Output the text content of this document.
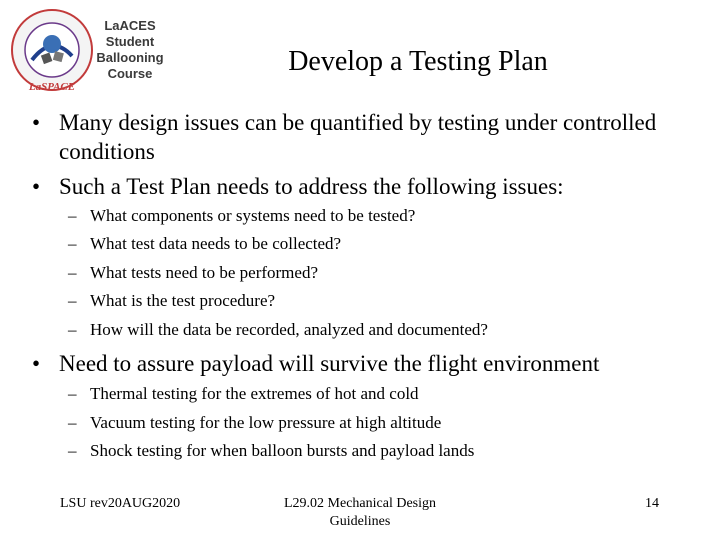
LaSPACE
LaACES
Student
Ballooning
Course	Develop a Testing Plan
• Many design issues can be quantified by testing under controlled conditions
• Such a Test Plan needs to address the following issues:
– What components or systems need to be tested?
– What test data needs to be collected?
– What tests need to be performed?
– What is the test procedure?
– How will the data be recorded, analyzed and documented?
• Need to assure payload will survive the flight environment
– Thermal testing for the extremes of hot and cold
– Vacuum testing for the low pressure at high altitude
– Shock testing for when balloon bursts and payload lands
LSU rev20AUG2020	L29.02 Mechanical Design
Guidelines
14
